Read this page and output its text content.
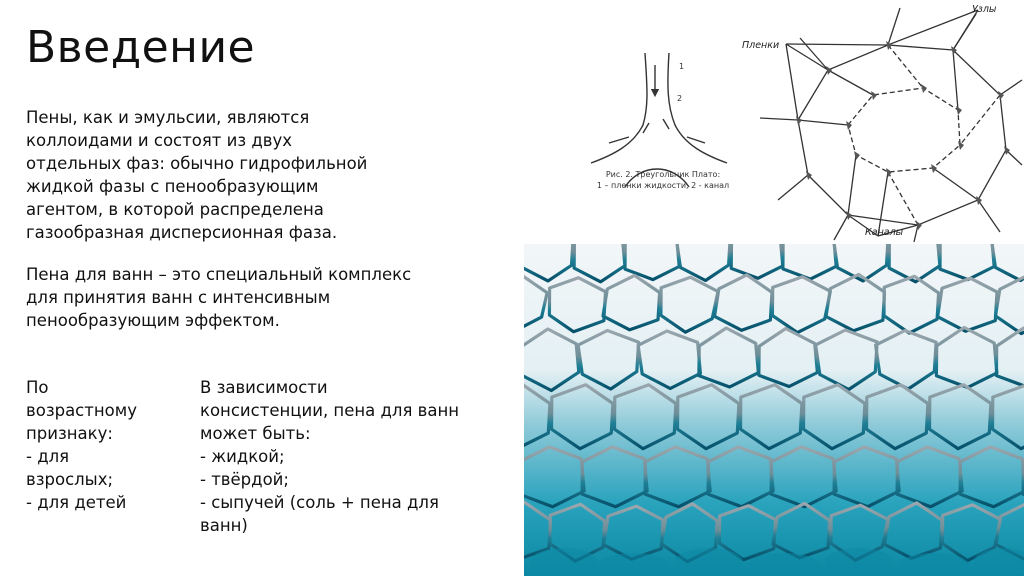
Введение
Пены, как и эмульсии, являются
коллоидами и состоят из двух
отдельных фаз: обычно гидрофильной
жидкой фазы с пенообразующим
агентом, в которой распределена
газообразная дисперсионная фаза.
Пена для ванн – это специальный комплекс
для принятия ванн с интенсивным
пенообразующим эффектом.
По
возрастному
признаку:
- для
взрослых;
- для детей
В зависимости
консистенции, пена для ванн
может быть:
- жидкой;
- твёрдой;
- сыпучей (соль + пена для
ванн)
1
2
Рис. 2. Треугольник Плато:
1 – пленки жидкости, 2 - канал
Узлы
Пленки
Каналы
